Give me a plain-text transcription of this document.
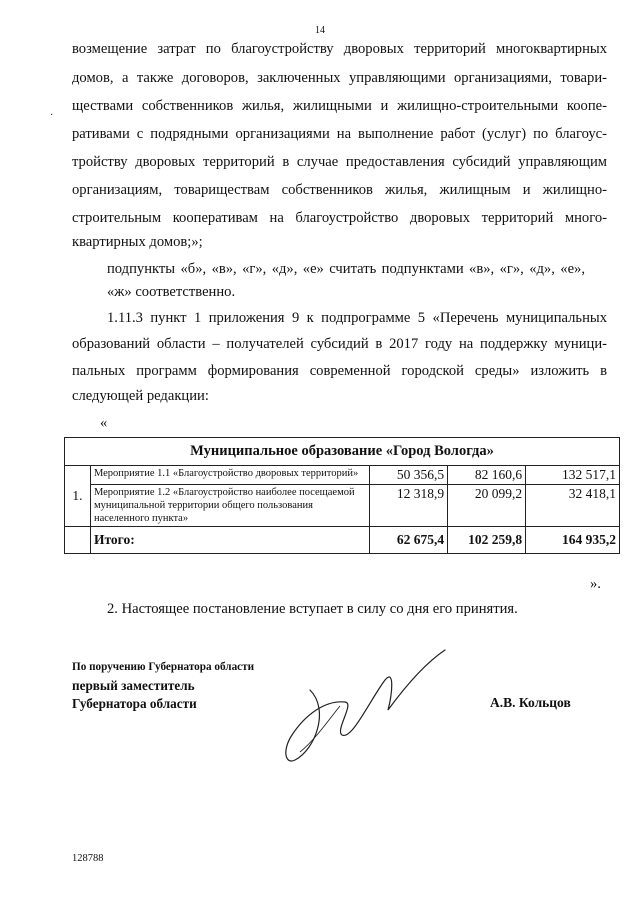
14
·
возмещение затрат по благоустройству дворовых территорий многоквартирных
домов, а также договоров, заключенных управляющими организациями, товари-
ществами собственников жилья, жилищными и жилищно-строительными коопе-
ративами с подрядными организациями на выполнение работ (услуг) по благоус-
тройству дворовых территорий в случае предоставления субсидий управляющим
организациям, товариществам собственников жилья, жилищным и жилищно-
строительным кооперативам на благоустройство дворовых территорий много-
квартирных домов;»;
подпункты «б», «в», «г», «д», «е» считать подпунктами «в», «г», «д», «е»,
«ж» соответственно.
1.11.3 пункт 1 приложения 9 к подпрограмме 5 «Перечень муниципальных
образований области – получателей субсидий в 2017 году на поддержку муници-
пальных программ формирования современной городской среды» изложить в
следующей редакции:
«
Муниципальное образование «Город Вологда»				
1.	Мероприятие 1.1 «Благоустройство дворовых территорий»	50 356,5	82 160,6	132 517,1
	Мероприятие 1.2 «Благоустройство наиболее посещаемой муниципальной территории общего пользования населенного пункта»	12 318,9	20 099,2	32 418,1
	Итого:	62 675,4	102 259,8	164 935,2
».
2. Настоящее постановление вступает в силу со дня его принятия.
По поручению Губернатора области
первый заместитель
Губернатора области	А.В. Кольцов
128788
